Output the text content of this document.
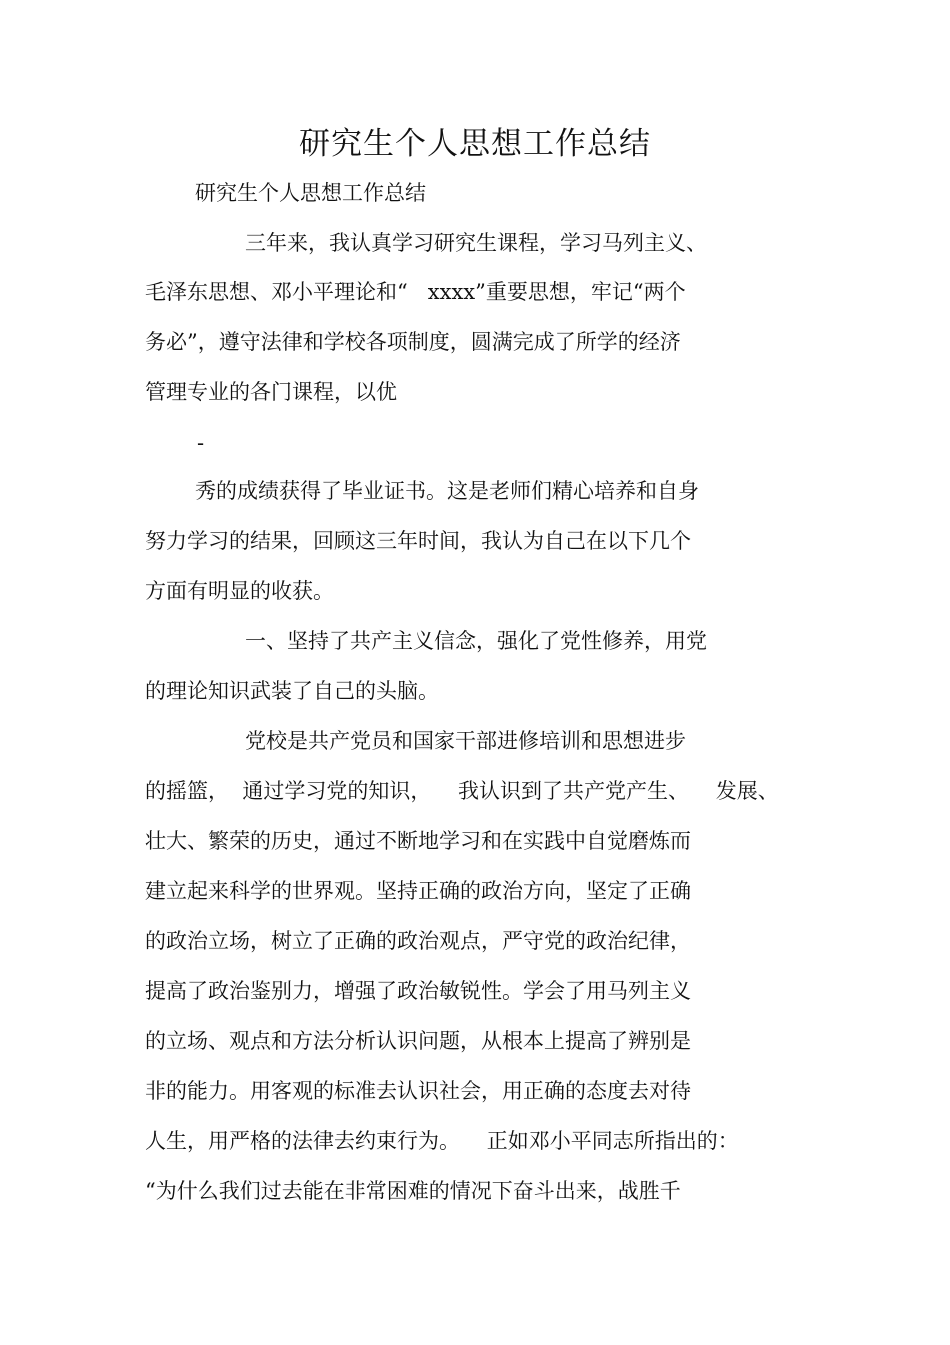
研究生个人思想工作总结
研究生个人思想工作总结
三年来，我认真学习研究生课程，学习马列主义、
毛泽东思想、邓小平理论和“   xxxx”重要思想，牢记“两个
务必”，遵守法律和学校各项制度，圆满完成了所学的经济
管理专业的各门课程，以优
-
秀的成绩获得了毕业证书。这是老师们精心培养和自身
努力学习的结果，回顾这三年时间，我认为自己在以下几个
方面有明显的收获。
一、坚持了共产主义信念，强化了党性修养，用党
的理论知识武装了自己的头脑。
党校是共产党员和国家干部进修培训和思想进步
的摇篮，  通过学习党的知识，    我认识到了共产党产生、    发展、
壮大、繁荣的历史，通过不断地学习和在实践中自觉磨炼而
建立起来科学的世界观。坚持正确的政治方向，坚定了正确
的政治立场，树立了正确的政治观点，严守党的政治纪律，
提高了政治鉴别力，增强了政治敏锐性。学会了用马列主义
的立场、观点和方法分析认识问题，从根本上提高了辨别是
非的能力。用客观的标准去认识社会，用正确的态度去对待
人生，用严格的法律去约束行为。    正如邓小平同志所指出的：
“为什么我们过去能在非常困难的情况下奋斗出来，战胜千
